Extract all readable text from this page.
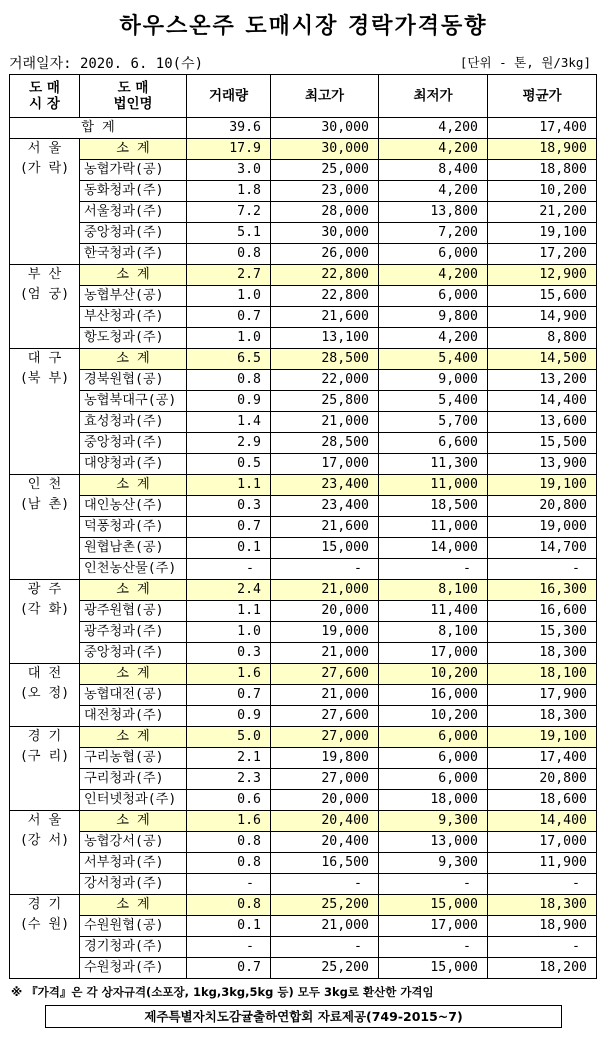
하우스온주 도매시장 경락가격동향
거래일자: 2020. 6. 10(수)	[단위 - 톤, 원/3kg]
도 매
시 장	도 매
법인명	거래량	최고가	최저가	평균가
합 계		39.6	30,000	4,200	17,400

서 울
(가 락)	소 계	17.9	30,000	4,200	18,900
	농협가락(공)	3.0	25,000	8,400	18,800
	동화청과(주)	1.8	23,000	4,200	10,200
	서울청과(주)	7.2	28,000	13,800	21,200
	중앙청과(주)	5.1	30,000	7,200	19,100
	한국청과(주)	0.8	26,000	6,000	17,200

부 산
(엄 궁)	소 계	2.7	22,800	4,200	12,900
	농협부산(공)	1.0	22,800	6,000	15,600
	부산청과(주)	0.7	21,600	9,800	14,900
	항도청과(주)	1.0	13,100	4,200	8,800

대 구
(북 부)	소 계	6.5	28,500	5,400	14,500
	경북원협(공)	0.8	22,000	9,000	13,200
	농협북대구(공)	0.9	25,800	5,400	14,400
	효성청과(주)	1.4	21,000	5,700	13,600
	중앙청과(주)	2.9	28,500	6,600	15,500
	대양청과(주)	0.5	17,000	11,300	13,900

인 천
(남 촌)	소 계	1.1	23,400	11,000	19,100
	대인농산(주)	0.3	23,400	18,500	20,800
	덕풍청과(주)	0.7	21,600	11,000	19,000
	원협남촌(공)	0.1	15,000	14,000	14,700
	인천농산물(주)	-	-	-	-

광 주
(각 화)	소 계	2.4	21,000	8,100	16,300
	광주원협(공)	1.1	20,000	11,400	16,600
	광주청과(주)	1.0	19,000	8,100	15,300
	중앙청과(주)	0.3	21,000	17,000	18,300

대 전
(오 정)	소 계	1.6	27,600	10,200	18,100
	농협대전(공)	0.7	21,000	16,000	17,900
	대전청과(주)	0.9	27,600	10,200	18,300

경 기
(구 리)	소 계	5.0	27,000	6,000	19,100
	구리농협(공)	2.1	19,800	6,000	17,400
	구리청과(주)	2.3	27,000	6,000	20,800
	인터넷청과(주)	0.6	20,000	18,000	18,600

서 울
(강 서)	소 계	1.6	20,400	9,300	14,400
	농협강서(공)	0.8	20,400	13,000	17,000
	서부청과(주)	0.8	16,500	9,300	11,900
	강서청과(주)	-	-	-	-

경 기
(수 원)	소 계	0.8	25,200	15,000	18,300
	수원원협(공)	0.1	21,000	17,000	18,900
	경기청과(주)	-	-	-	-
	수원청과(주)	0.7	25,200	15,000	18,200
※ 『가격』은 각 상자규격(소포장, 1kg,3kg,5kg 등) 모두 3kg로 환산한 가격임
제주특별자치도감귤출하연합회 자료제공(749-2015~7)
